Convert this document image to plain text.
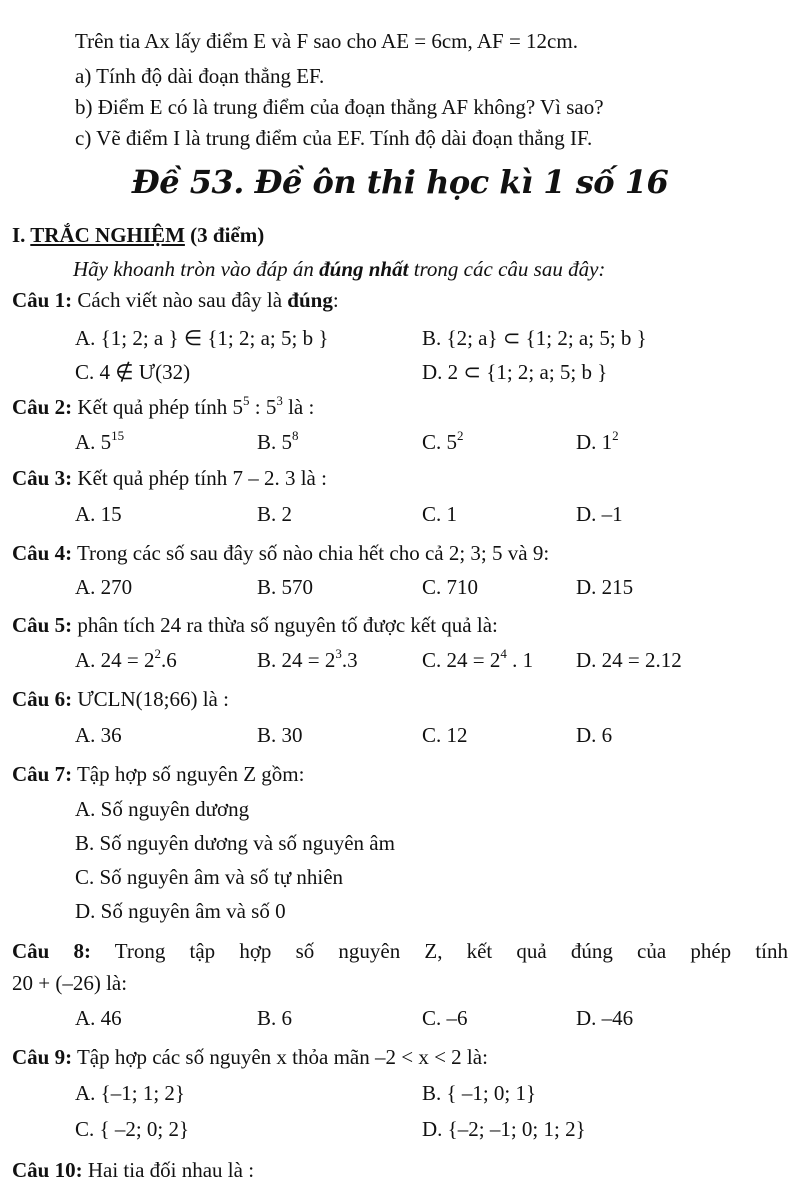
Trên tia Ax lấy điểm E và F sao cho AE = 6cm, AF = 12cm.
a) Tính độ dài đoạn thẳng EF.
b) Điểm E có là trung điểm của đoạn thẳng AF không? Vì sao?
c) Vẽ điểm I là trung điểm của EF. Tính độ dài đoạn thẳng IF.
Đề 53. Đề ôn thi học kì 1 số 16
I. TRẮC NGHIỆM (3 điểm)
Hãy khoanh tròn vào đáp án đúng nhất trong các câu sau đây:
Câu 1: Cách viết nào sau đây là đúng:
A. {1; 2; a } ∈ {1; 2; a; 5; b }	B. {2; a} ⊂ {1; 2; a; 5; b }
C. 4 ∉ Ư(32)	D. 2 ⊂ {1; 2; a; 5; b }
Câu 2: Kết quả phép tính $5^5$ : $5^3$ là :
A. $5^{15}$	B. $5^8$	C. $5^2$	D. $1^2$
Câu 3: Kết quả phép tính 7 – 2. 3 là :
A. 15	B. 2	C. 1	D. –1
Câu 4: Trong các số sau đây số nào chia hết cho cả 2; 3; 5 và 9:
A. 270	B. 570	C. 710	D. 215
Câu 5: phân tích 24 ra thừa số nguyên tố được kết quả là:
A. $24 = 2^2.6$	B. $24 = 2^3.3$	C. $24 = 2^4$ . 1 D. 24 = 2.12
Câu 6: ƯCLN(18;66) là :
A. 36	B. 30	C. 12	D. 6
Câu 7: Tập hợp số nguyên Z gồm:
A. Số nguyên dương
B. Số nguyên dương và số nguyên âm
C. Số nguyên âm và số tự nhiên
D. Số nguyên âm và số 0
Câu 8: Trong tập hợp số nguyên Z, kết quả đúng của phép tính
20 + (–26) là:
A. 46	B. 6	C. –6	D. –46
Câu 9: Tập hợp các số nguyên x thỏa mãn –2 < x < 2 là:
A. {–1; 1; 2}	B. { –1; 0; 1}
C. { –2; 0; 2}	D. {–2; –1; 0; 1; 2}
Câu 10: Hai tia đối nhau là :
